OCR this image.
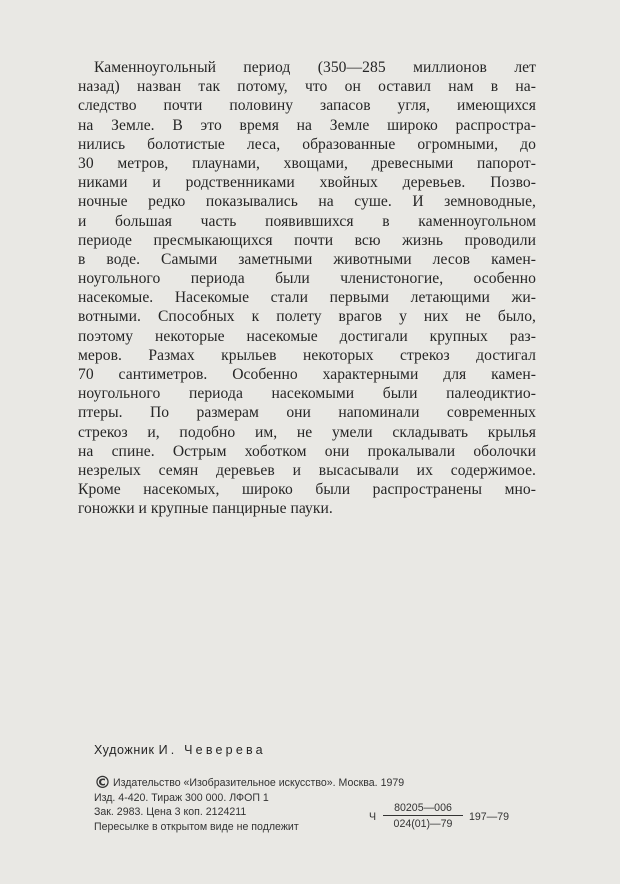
Каменноугольный период (350—285 миллионов лет
назад) назван так потому, что он оставил нам в на-
следство почти половину запасов угля, имеющихся
на Земле. В это время на Земле широко распростра-
нились болотистые леса, образованные огромными, до
30 метров, плаунами, хвощами, древесными папорот-
никами и родственниками хвойных деревьев. Позво-
ночные редко показывались на суше. И земноводные,
и большая часть появившихся в каменноугольном
периоде пресмыкающихся почти всю жизнь проводили
в воде. Самыми заметными животными лесов камен-
ноугольного периода были членистоногие, особенно
насекомые. Насекомые стали первыми летающими жи-
вотными. Способных к полету врагов у них не было,
поэтому некоторые насекомые достигали крупных раз-
меров. Размах крыльев некоторых стрекоз достигал
70 сантиметров. Особенно характерными для камен-
ноугольного периода насекомыми были палеодиктио-
птеры. По размерам они напоминали современных
стрекоз и, подобно им, не умели складывать крылья
на спине. Острым хоботком они прокалывали оболочки
незрелых семян деревьев и высасывали их содержимое.
Кроме насекомых, широко были распространены мно-
гоножки и крупные панцирные пауки.
Художник И. Чеверева
© Издательство «Изобразительное искусство». Москва. 1979
Изд. 4-420. Тираж 300 000. ЛФОП 1
Зак. 2983. Цена 3 коп. 2124211
Пересылке в открытом виде не подлежит
Ч
80205—006
024(01)—79
197—79
